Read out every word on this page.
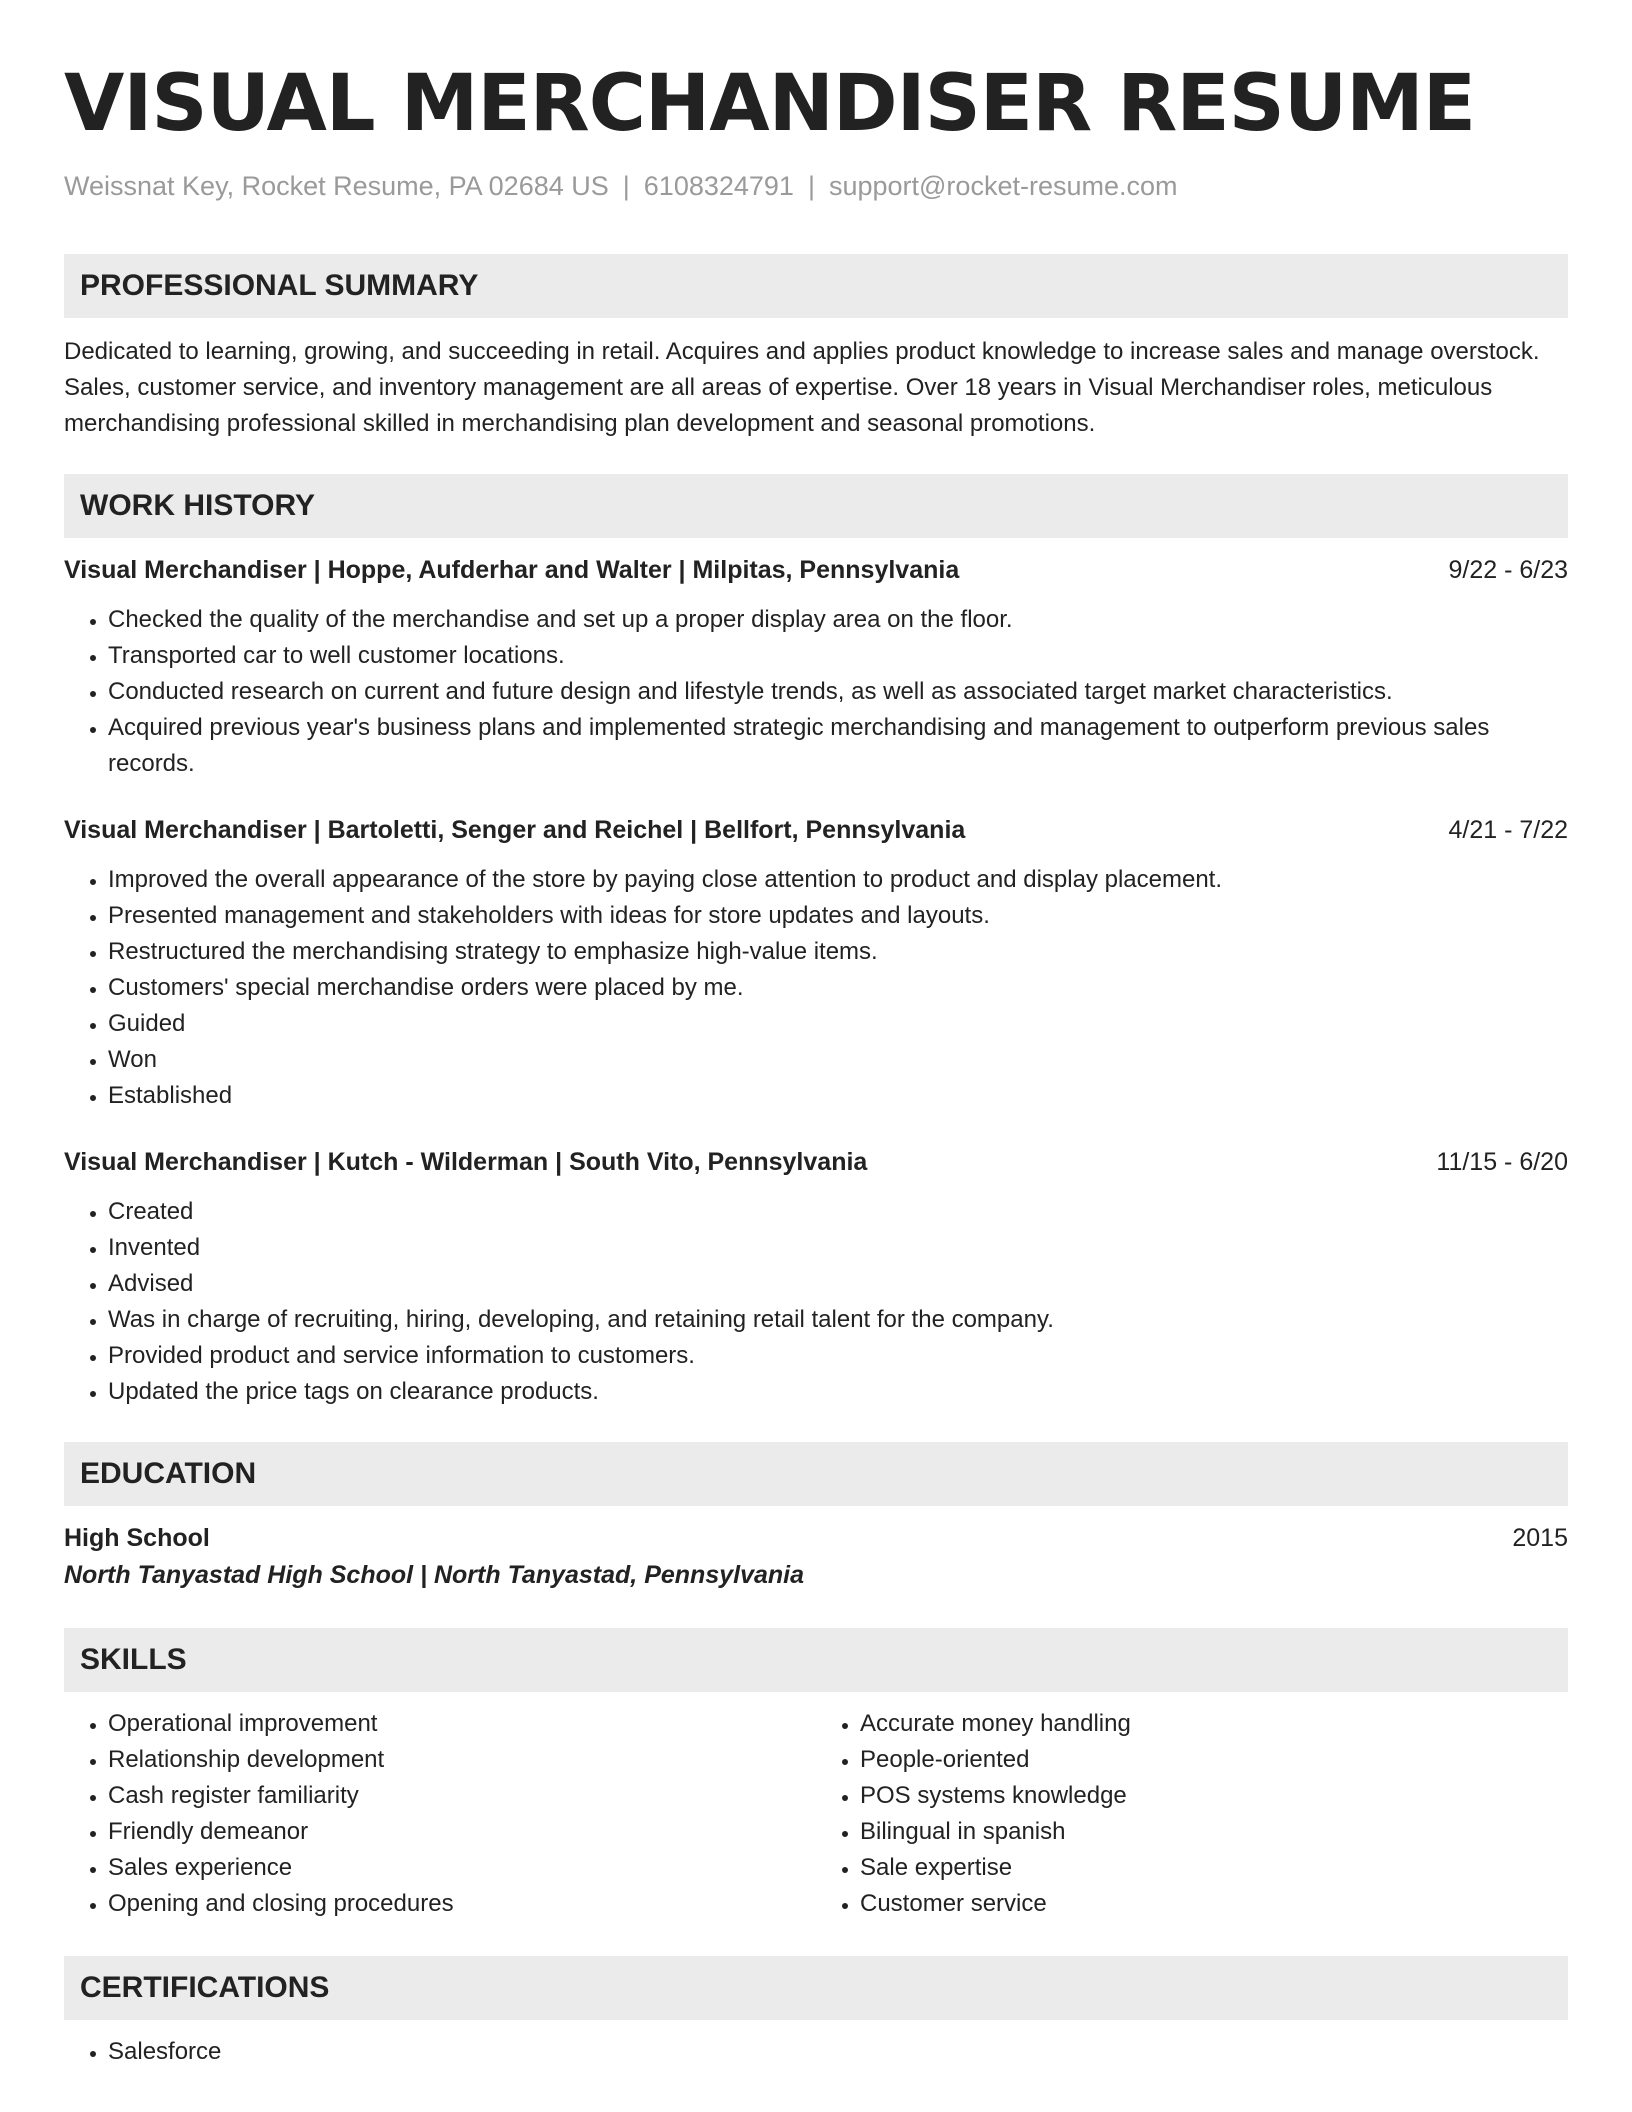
VISUAL MERCHANDISER RESUME
Weissnat Key, Rocket Resume, PA 02684 US | 6108324791 | support@rocket-resume.com
PROFESSIONAL SUMMARY
Dedicated to learning, growing, and succeeding in retail. Acquires and applies product knowledge to increase sales and manage overstock. Sales, customer service, and inventory management are all areas of expertise. Over 18 years in Visual Merchandiser roles, meticulous merchandising professional skilled in merchandising plan development and seasonal promotions.
WORK HISTORY
Visual Merchandiser | Hoppe, Aufderhar and Walter | Milpitas, Pennsylvania	9/22 - 6/23
• Checked the quality of the merchandise and set up a proper display area on the floor.
• Transported car to well customer locations.
• Conducted research on current and future design and lifestyle trends, as well as associated target market characteristics.
• Acquired previous year's business plans and implemented strategic merchandising and management to outperform previous sales records.
Visual Merchandiser | Bartoletti, Senger and Reichel | Bellfort, Pennsylvania	4/21 - 7/22
• Improved the overall appearance of the store by paying close attention to product and display placement.
• Presented management and stakeholders with ideas for store updates and layouts.
• Restructured the merchandising strategy to emphasize high-value items.
• Customers' special merchandise orders were placed by me.
• Guided
• Won
• Established
Visual Merchandiser | Kutch - Wilderman | South Vito, Pennsylvania	11/15 - 6/20
• Created
• Invented
• Advised
• Was in charge of recruiting, hiring, developing, and retaining retail talent for the company.
• Provided product and service information to customers.
• Updated the price tags on clearance products.
EDUCATION
High School	2015
North Tanyastad High School | North Tanyastad, Pennsylvania
SKILLS
• Operational improvement
• Relationship development
• Cash register familiarity
• Friendly demeanor
• Sales experience
• Opening and closing procedures
• Accurate money handling
• People-oriented
• POS systems knowledge
• Bilingual in spanish
• Sale expertise
• Customer service
CERTIFICATIONS
• Salesforce
